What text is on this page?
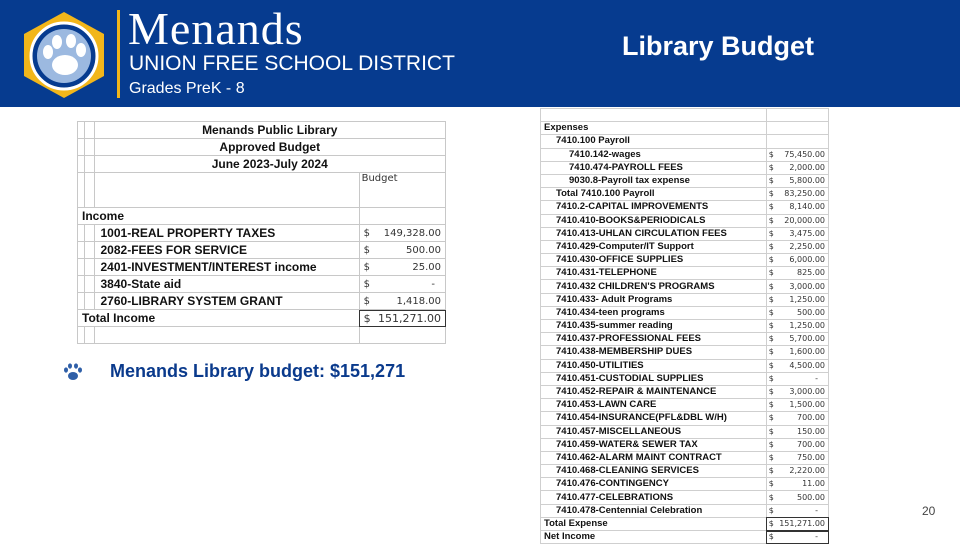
Menands
UNION FREE SCHOOL DISTRICT
Grades PreK - 8
Library Budget
		Menands Public Library	
		Approved Budget	
		June 2023-July 2024	
			Budget
Income			
		1001-REAL PROPERTY TAXES	$ 149,328.00

		2082-FEES FOR SERVICE	$ 500.00

		2401-INVESTMENT/INTEREST income	$ 25.00

		3840-State aid	$ -

		2760-LIBRARY SYSTEM GRANT	$ 1,418.00

Total Income			$ 151,271.00

Menands Library budget: $151,271

Expenses	

7410.100 Payroll	

7410.142-wages	$ 75,450.00

7410.474-PAYROLL FEES	$ 2,000.00

9030.8-Payroll tax expense	$ 5,800.00

Total 7410.100 Payroll	$ 83,250.00

7410.2-CAPITAL IMPROVEMENTS	$ 8,140.00

7410.410-BOOKS&PERIODICALS	$ 20,000.00

7410.413-UHLAN CIRCULATION FEES	$ 3,475.00

7410.429-Computer/IT Support	$ 2,250.00

7410.430-OFFICE SUPPLIES	$ 6,000.00

7410.431-TELEPHONE	$ 825.00

7410.432 CHILDREN'S PROGRAMS	$ 3,000.00

7410.433- Adult Programs	$ 1,250.00

7410.434-teen programs	$ 500.00

7410.435-summer reading	$ 1,250.00

7410.437-PROFESSIONAL FEES	$ 5,700.00

7410.438-MEMBERSHIP DUES	$ 1,600.00

7410.450-UTILITIES	$ 4,500.00

7410.451-CUSTODIAL SUPPLIES	$ -

7410.452-REPAIR & MAINTENANCE	$ 3,000.00

7410.453-LAWN CARE	$ 1,500.00

7410.454-INSURANCE(PFL&DBL W/H)	$ 700.00

7410.457-MISCELLANEOUS	$ 150.00

7410.459-WATER& SEWER TAX	$ 700.00

7410.462-ALARM MAINT CONTRACT	$ 750.00

7410.468-CLEANING SERVICES	$ 2,220.00

7410.476-CONTINGENCY	$ 11.00

7410.477-CELEBRATIONS	$ 500.00

7410.478-Centennial Celebration	$ -

Total Expense	$ 151,271.00

Net Income	$ -
20
